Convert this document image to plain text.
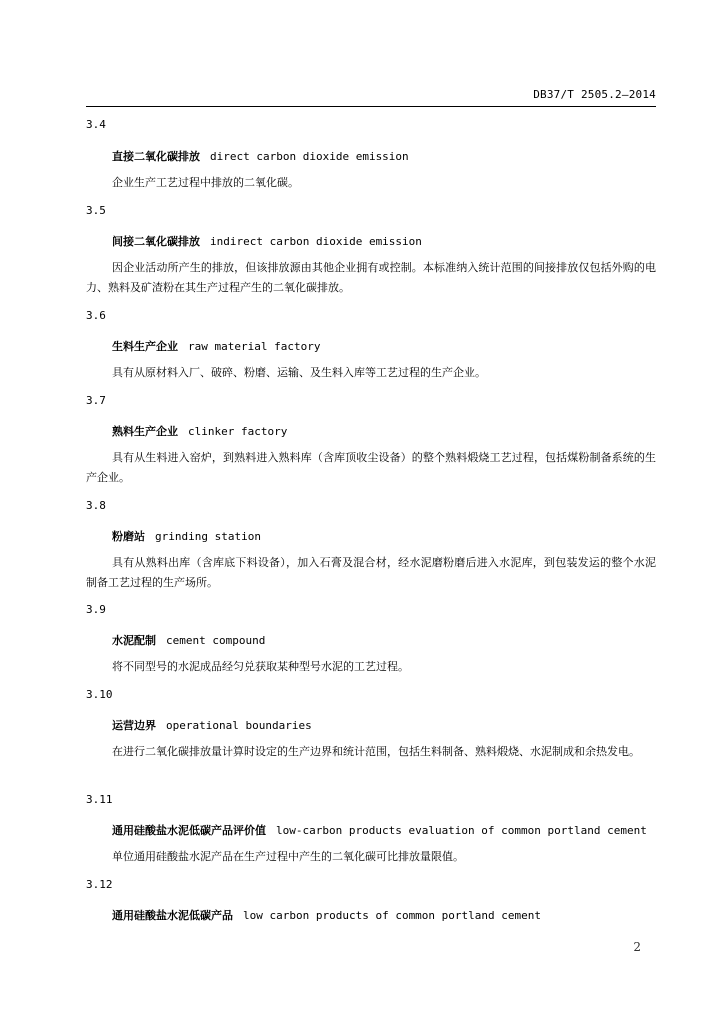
DB37/T 2505.2—2014
3.4
直接二氧化碳排放 direct carbon dioxide emission
企业生产工艺过程中排放的二氧化碳。
3.5
间接二氧化碳排放 indirect carbon dioxide emission
因企业活动所产生的排放，但该排放源由其他企业拥有或控制。本标准纳入统计范围的间接排放仅包括外购的电力、熟料及矿渣粉在其生产过程产生的二氧化碳排放。
3.6
生料生产企业 raw material factory
具有从原材料入厂、破碎、粉磨、运输、及生料入库等工艺过程的生产企业。
3.7
熟料生产企业 clinker factory
具有从生料进入窑炉，到熟料进入熟料库（含库顶收尘设备）的整个熟料煅烧工艺过程，包括煤粉制备系统的生产企业。
3.8
粉磨站 grinding station
具有从熟料出库（含库底下料设备），加入石膏及混合材，经水泥磨粉磨后进入水泥库，到包装发运的整个水泥制备工艺过程的生产场所。
3.9
水泥配制 cement compound
将不同型号的水泥成品经匀兑获取某种型号水泥的工艺过程。
3.10
运营边界 operational boundaries
在进行二氧化碳排放量计算时设定的生产边界和统计范围，包括生料制备、熟料煅烧、水泥制成和余热发电。
3.11
通用硅酸盐水泥低碳产品评价值 low-carbon products evaluation of common portland cement
单位通用硅酸盐水泥产品在生产过程中产生的二氧化碳可比排放量限值。
3.12
通用硅酸盐水泥低碳产品 low carbon products of common portland cement
2
